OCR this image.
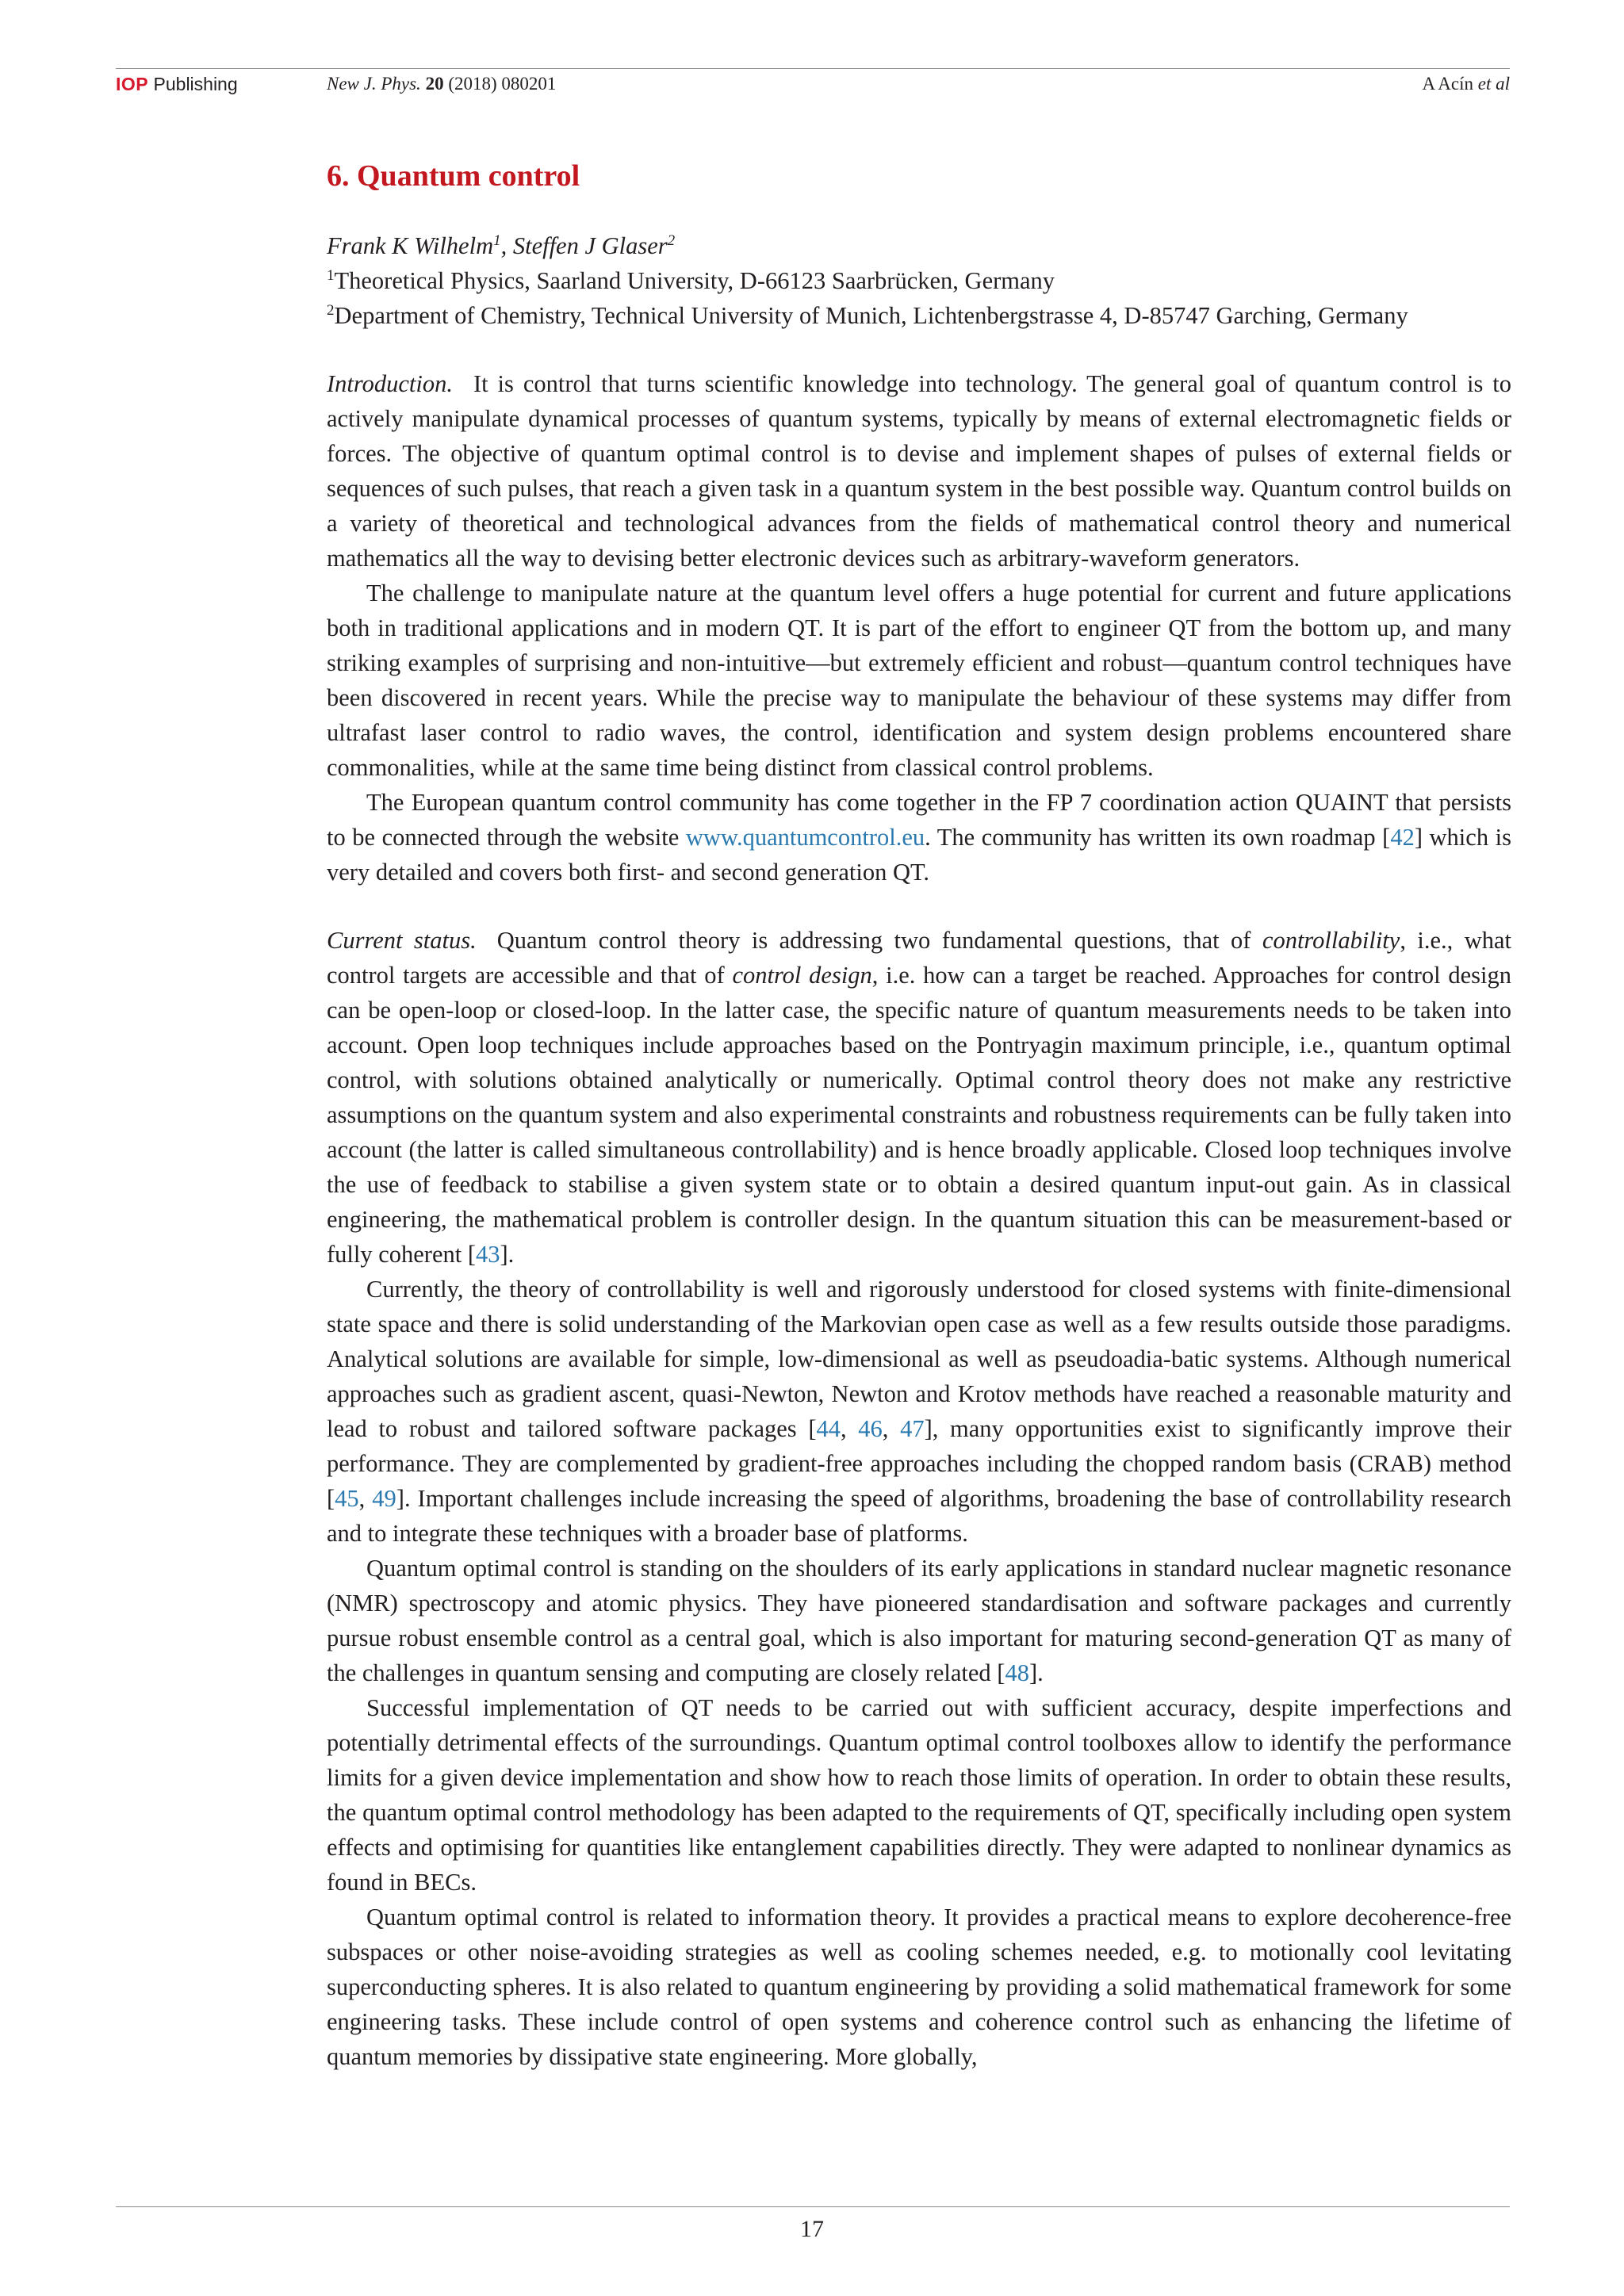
IOP Publishing	New J. Phys. 20 (2018) 080201	A Acín et al
6. Quantum control

Frank K Wilhelm$^1$, Steffen J Glaser$^2$

$^1$Theoretical Physics, Saarland University, D-66123 Saarbrücken, Germany

$^2$Department of Chemistry, Technical University of Munich, Lichtenbergstrasse 4, D-85747 Garching, Germany

Introduction. It is control that turns scientific knowledge into technology. The general goal of quantum control is to actively manipulate dynamical processes of quantum systems, typically by means of external electromagnetic fields or forces. The objective of quantum optimal control is to devise and implement shapes of pulses of external fields or sequences of such pulses, that reach a given task in a quantum system in the best possible way. Quantum control builds on a variety of theoretical and technological advances from the fields of mathematical control theory and numerical mathematics all the way to devising better electronic devices such as arbitrary-waveform generators.

The challenge to manipulate nature at the quantum level offers a huge potential for current and future applications both in traditional applications and in modern QT. It is part of the effort to engineer QT from the bottom up, and many striking examples of surprising and non-intuitive—but extremely efficient and robust—quantum control techniques have been discovered in recent years. While the precise way to manipulate the behaviour of these systems may differ from ultrafast laser control to radio waves, the control, identification and system design problems encountered share commonalities, while at the same time being distinct from classical control problems.

The European quantum control community has come together in the FP 7 coordination action QUAINT that persists to be connected through the website www.quantumcontrol.eu. The community has written its own roadmap [42] which is very detailed and covers both first- and second generation QT.

Current status. Quantum control theory is addressing two fundamental questions, that of controllability, i.e., what control targets are accessible and that of control design, i.e. how can a target be reached. Approaches for control design can be open-loop or closed-loop. In the latter case, the specific nature of quantum measurements needs to be taken into account. Open loop techniques include approaches based on the Pontryagin maximum principle, i.e., quantum optimal control, with solutions obtained analytically or numerically. Optimal control theory does not make any restrictive assumptions on the quantum system and also experimental constraints and robustness requirements can be fully taken into account (the latter is called simultaneous controllability) and is hence broadly applicable. Closed loop techniques involve the use of feedback to stabilise a given system state or to obtain a desired quantum input-out gain. As in classical engineering, the mathematical problem is controller design. In the quantum situation this can be measurement-based or fully coherent [43].

Currently, the theory of controllability is well and rigorously understood for closed systems with finite-dimensional state space and there is solid understanding of the Markovian open case as well as a few results outside those paradigms. Analytical solutions are available for simple, low-dimensional as well as pseudoadia-batic systems. Although numerical approaches such as gradient ascent, quasi-Newton, Newton and Krotov methods have reached a reasonable maturity and lead to robust and tailored software packages [44, 46, 47], many opportunities exist to significantly improve their performance. They are complemented by gradient-free approaches including the chopped random basis (CRAB) method [45, 49]. Important challenges include increasing the speed of algorithms, broadening the base of controllability research and to integrate these techniques with a broader base of platforms.

Quantum optimal control is standing on the shoulders of its early applications in standard nuclear magnetic resonance (NMR) spectroscopy and atomic physics. They have pioneered standardisation and software packages and currently pursue robust ensemble control as a central goal, which is also important for maturing second-generation QT as many of the challenges in quantum sensing and computing are closely related [48].

Successful implementation of QT needs to be carried out with sufficient accuracy, despite imperfections and potentially detrimental effects of the surroundings. Quantum optimal control toolboxes allow to identify the performance limits for a given device implementation and show how to reach those limits of operation. In order to obtain these results, the quantum optimal control methodology has been adapted to the requirements of QT, specifically including open system effects and optimising for quantities like entanglement capabilities directly. They were adapted to nonlinear dynamics as found in BECs.

Quantum optimal control is related to information theory. It provides a practical means to explore decoherence-free subspaces or other noise-avoiding strategies as well as cooling schemes needed, e.g. to motionally cool levitating superconducting spheres. It is also related to quantum engineering by providing a solid mathematical framework for some engineering tasks. These include control of open systems and coherence control such as enhancing the lifetime of quantum memories by dissipative state engineering. More globally,

17
